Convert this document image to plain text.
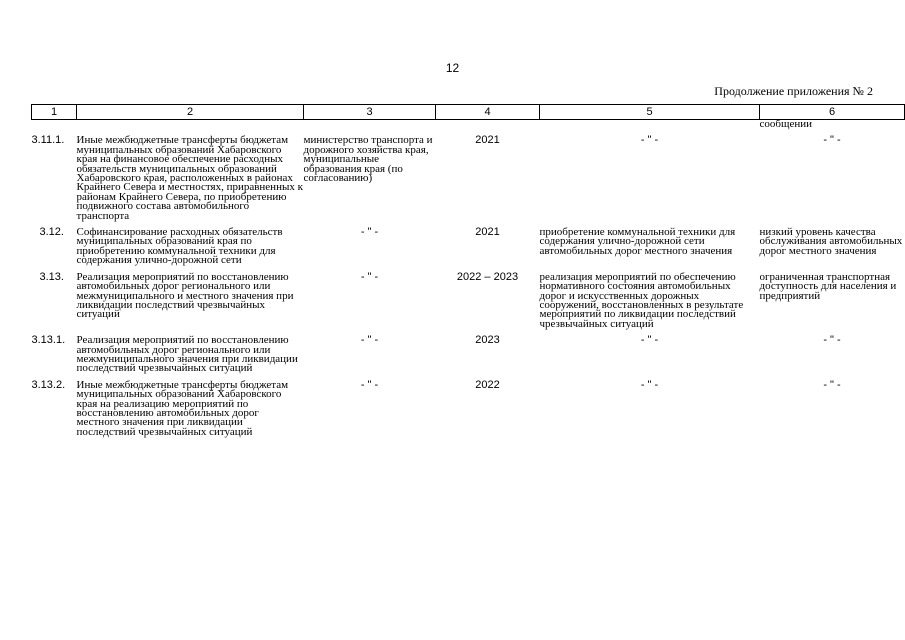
12
Продолжение приложения № 2
1	2	3	4	5	6
					сообщении
3.11.1.	Иные межбюджетные трансферты бюджетам муниципальных образований Хабаровского края на финансовое обеспечение расходных обязательств муниципальных образований Хабаровского края, расположенных в районах Крайнего Севера и местностях, приравненных к районам Крайнего Севера, по приобретению подвижного состава автомобильного транспорта	министерство транспорта и дорожного хозяйства края, муниципальные образования края (по согласованию)	2021	- " -	- " -
3.12.	Софинансирование расходных обязательств муниципальных образований края по приобретению коммунальной техники для содержания улично-дорожной сети	- " -	2021	приобретение коммунальной техники для содержания улично-дорожной сети автомобильных дорог местного значения	низкий уровень качества обслуживания автомобильных дорог местного значения
3.13.	Реализация мероприятий по восстановлению автомобильных дорог регионального или межмуниципального и местного значения при ликвидации последствий чрезвычайных ситуаций	- " -	2022 – 2023	реализация мероприятий по обеспечению нормативного состояния автомобильных дорог и искусственных дорожных сооружений, восстановленных в результате мероприятий по ликвидации последствий чрезвычайных ситуаций	ограниченная транспортная доступность для населения и предприятий
3.13.1.	Реализация мероприятий по восстановлению автомобильных дорог регионального или межмуниципального значения при ликвидации последствий чрезвычайных ситуаций	- " -	2023	- " -	- " -
3.13.2.	Иные межбюджетные трансферты бюджетам муниципальных образований Хабаровского края на реализацию мероприятий по восстановлению автомобильных дорог местного значения при ликвидации последствий чрезвычайных ситуаций	- " -	2022	- " -	- " -
